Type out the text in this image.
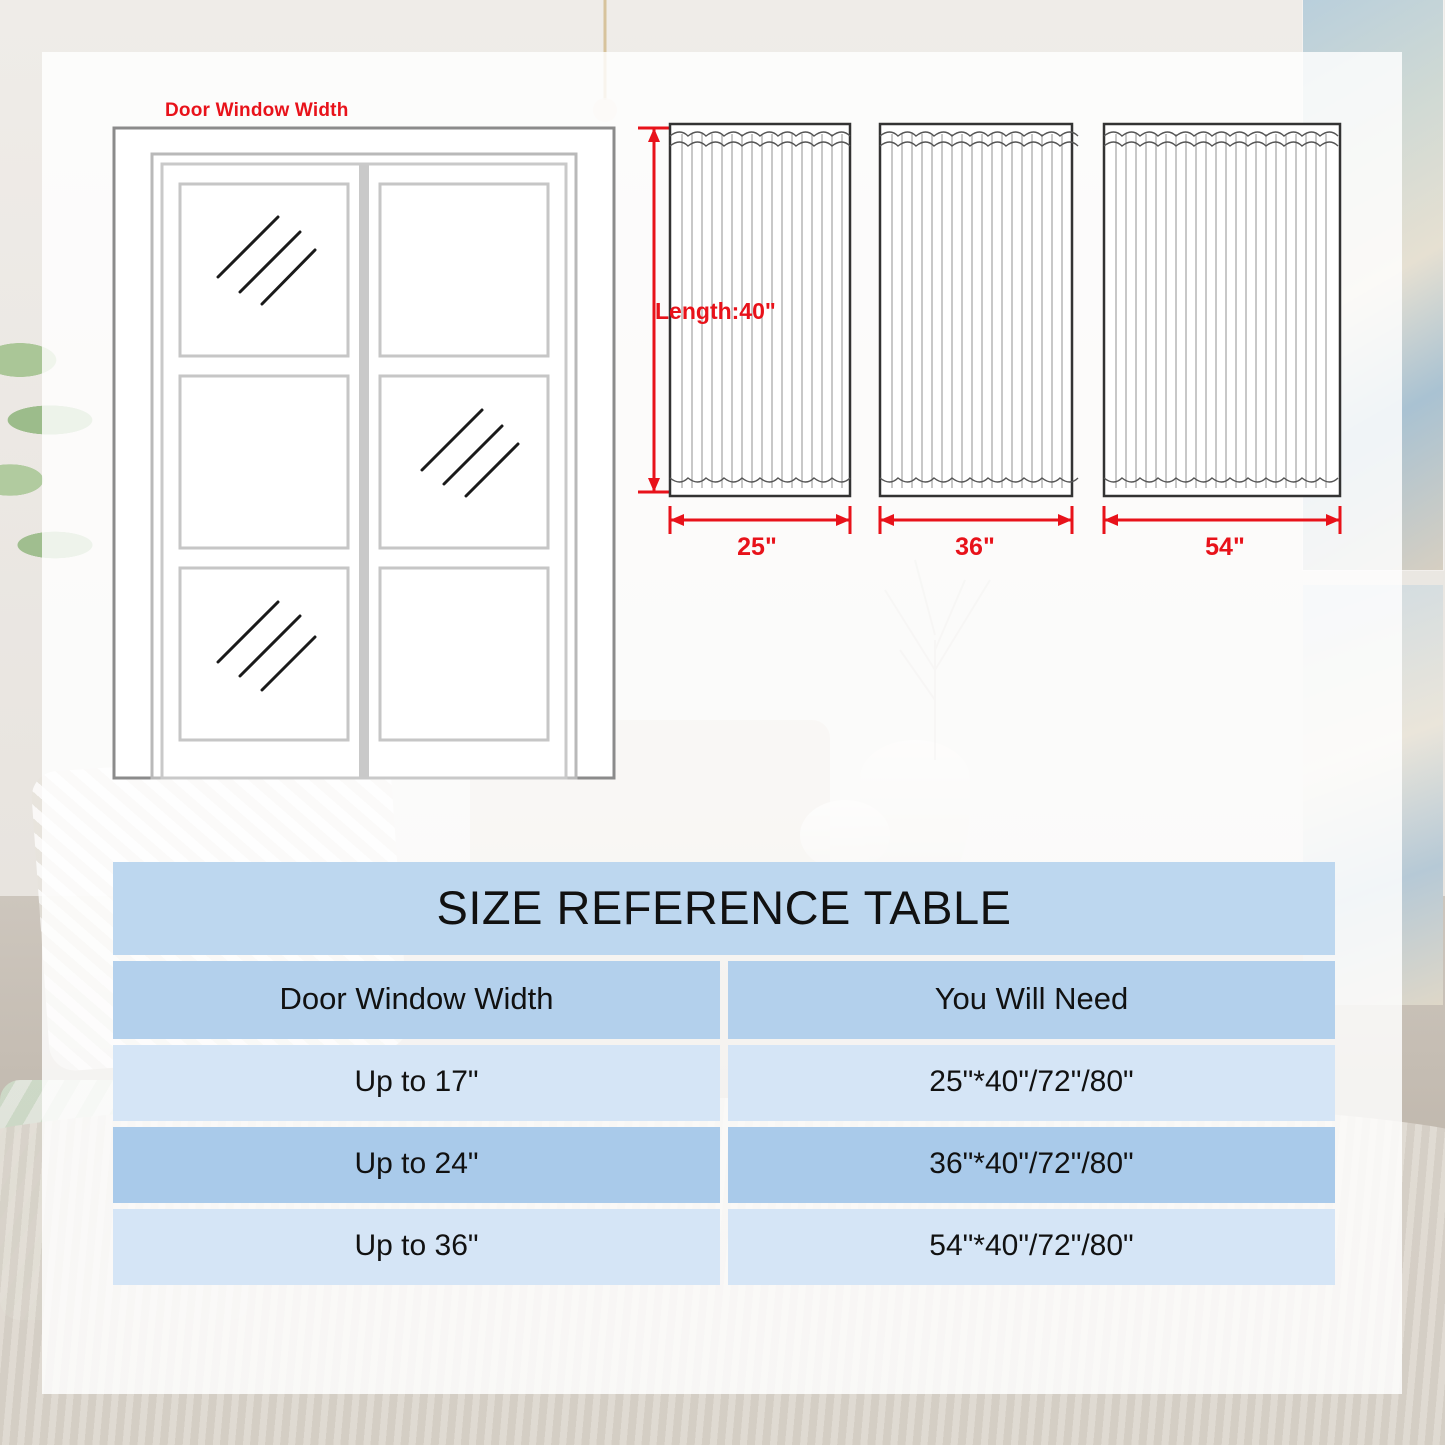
Door Window Width
Length:40"
25"	36"	54"
SIZE REFERENCE TABLE
Door Window Width	You Will Need
Up to 17"	25"*40"/72"/80"
Up to 24"	36"*40"/72"/80"
Up to 36"	54"*40"/72"/80"
